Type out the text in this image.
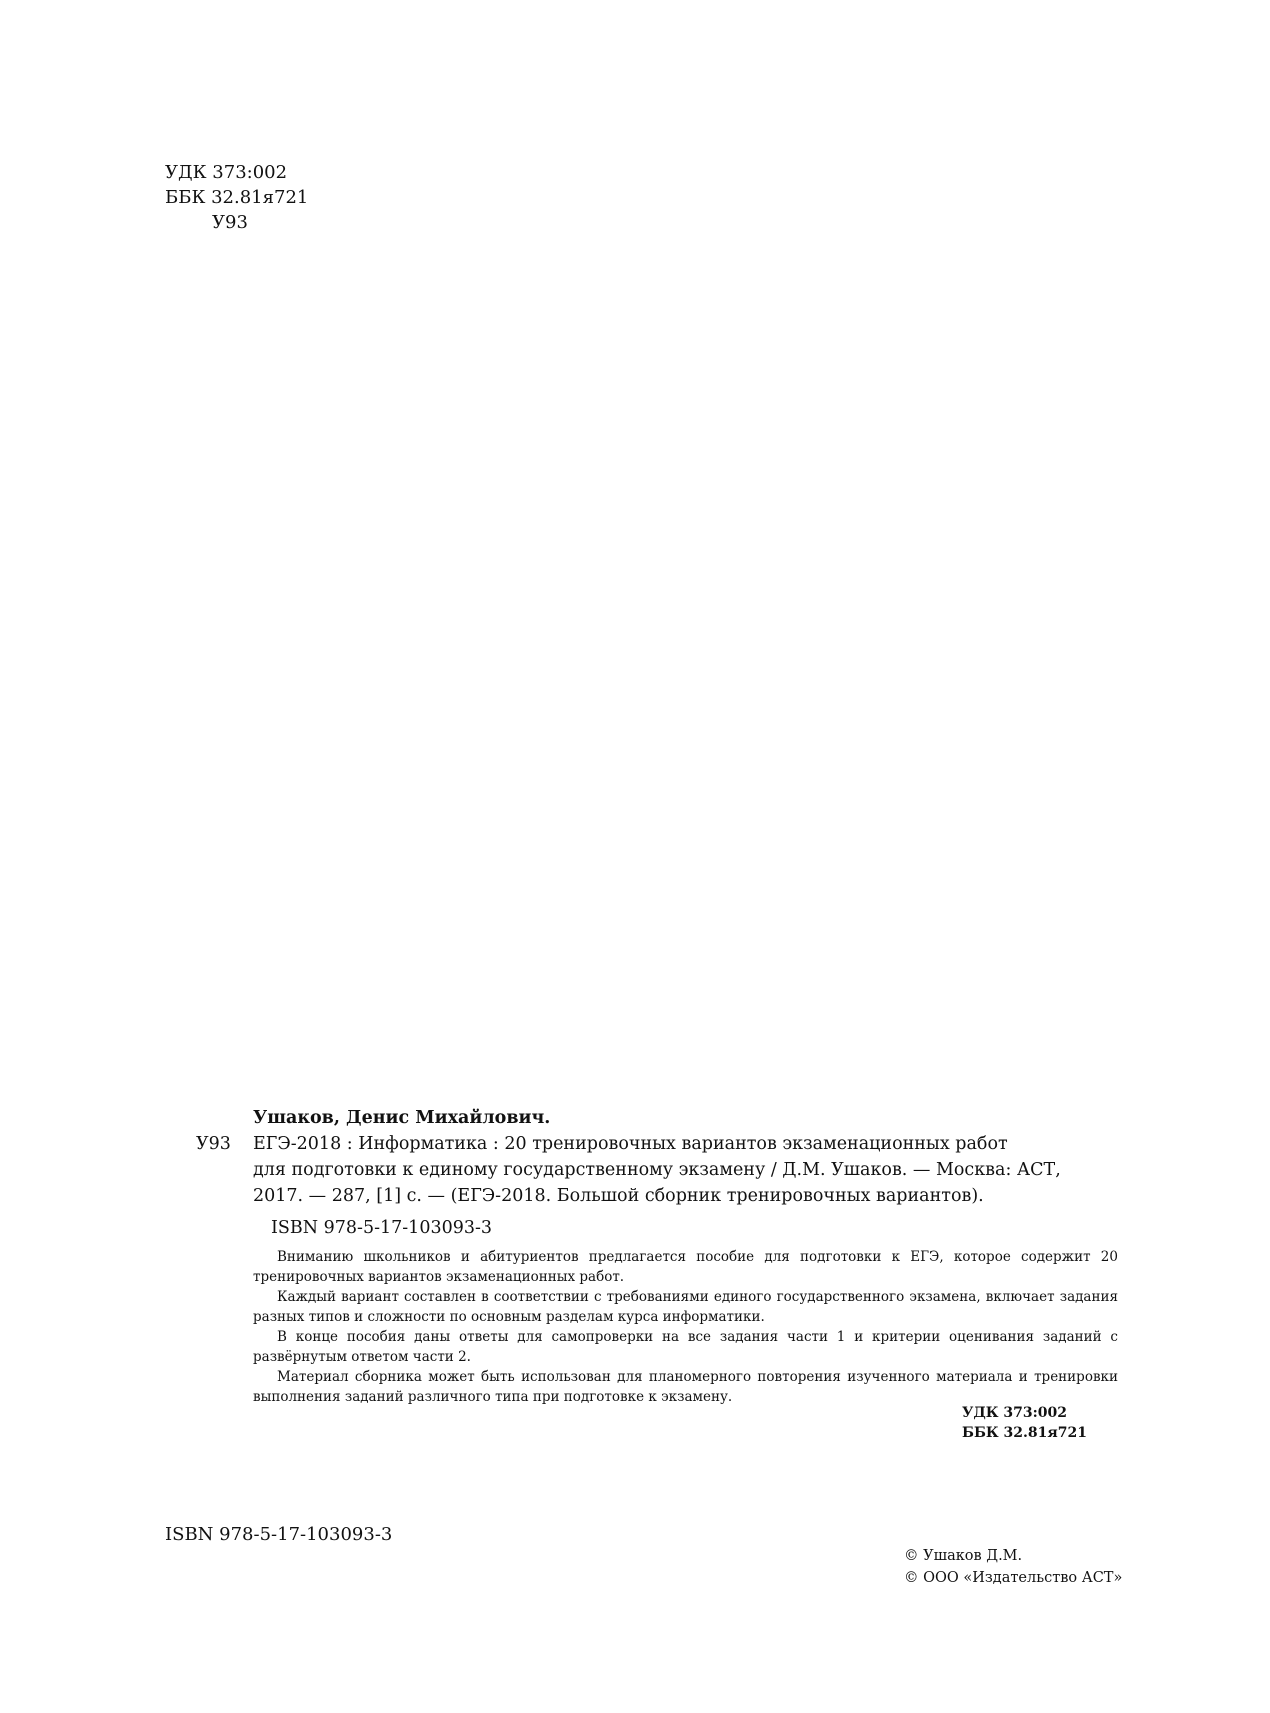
УДК 373:002
ББК 32.81я721
У93
Ушаков, Денис Михайлович.
У93 ЕГЭ-2018 : Информатика : 20 тренировочных вариантов экзаменационных работ
для подготовки к единому государственному экзамену / Д.М. Ушаков. — Москва: АСТ,
2017. — 287, [1] с. — (ЕГЭ-2018. Большой сборник тренировочных вариантов).
ISBN 978-5-17-103093-3

Вниманию школьников и абитуриентов предлагается пособие для подготовки к ЕГЭ, которое содержит 20 тренировочных вариантов экзаменационных работ.

Каждый вариант составлен в соответствии с требованиями единого государственного экзамена, включает задания разных типов и сложности по основным разделам курса информатики.

В конце пособия даны ответы для самопроверки на все задания части 1 и критерии оценивания заданий с развёрнутым ответом части 2.

Материал сборника может быть использован для планомерного повторения изученного материала и тренировки выполнения заданий различного типа при подготовке к экзамену.

УДК 373:002
ББК 32.81я721
ISBN 978-5-17-103093-3
© Ушаков Д.М.
© ООО «Издательство АСТ»
